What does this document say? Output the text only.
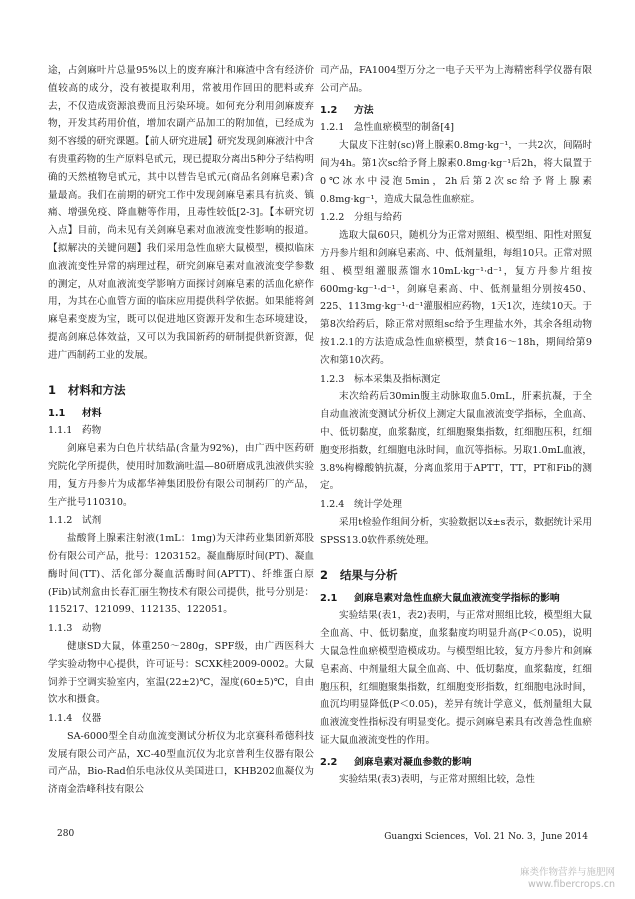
途，占剑麻叶片总量95%以上的废弃麻汁和麻渣中含有经济价值较高的成分，没有被提取利用，常被用作回田的肥料或弃去，不仅造成资源浪费而且污染环境。如何充分利用剑麻废弃物，开发其药用价值，增加农副产品加工的附加值，已经成为刻不容缓的研究课题。【前人研究进展】研究发现剑麻液汁中含有贵重药物的生产原料皂甙元，现已提取分离出5种分子结构明确的天然植物皂甙元，其中以替告皂甙元(商品名剑麻皂素)含量最高。我们在前期的研究工作中发现剑麻皂素具有抗炎、镇痛、增强免疫、降血糖等作用，且毒性较低[2-3]。【本研究切入点】目前，尚未见有关剑麻皂素对血液流变性影响的报道。【拟解决的关键问题】我们采用急性血瘀大鼠模型，模拟临床血液流变性异常的病理过程，研究剑麻皂素对血液流变学参数的测定，从对血液流变学影响方面探讨剑麻皂素的活血化瘀作用，为其在心血管方面的临床应用提供科学依据。如果能将剑麻皂素变废为宝，既可以促进地区资源开发和生态环境建设，提高剑麻总体效益，又可以为我国新药的研制提供新资源，促进广西制药工业的发展。

1 材料和方法
1.1 材料
1.1.1 药物

剑麻皂素为白色片状结晶(含量为92%)，由广西中医药研究院化学所提供，使用时加数滴吐温—80研磨成乳浊液供实验用，复方丹参片为成都华神集团股份有限公司制药厂的产品，生产批号110310。

1.1.2 试剂

盐酸肾上腺素注射液(1mL：1mg)为天津药业集团新郑股份有限公司产品，批号：1203152。凝血酶原时间(PT)、凝血酶时间(TT)、活化部分凝血活酶时间(APTT)、纤维蛋白原(Fib)试剂盒由长春汇丽生物技术有限公司提供，批号分别是：115217、121099、112135、122051。

1.1.3 动物

健康SD大鼠，体重250～280g，SPF级，由广西医科大学实验动物中心提供，许可证号：SCXK桂2009-0002。大鼠饲养于空调实验室内，室温(22±2)℃，湿度(60±5)℃，自由饮水和摄食。

1.1.4 仪器

SA-6000型全自动血流变测试分析仪为北京赛科希德科技发展有限公司产品，XC-40型血沉仪为北京普利生仪器有限公司产品，Bio-Rad伯乐电泳仪从美国进口，KHB202血凝仪为济南金浩峰科技有限公

司产品，FA1004型万分之一电子天平为上海精密科学仪器有限公司产品。

1.2 方法
1.2.1 急性血瘀模型的制备[4]

大鼠皮下注射(sc)肾上腺素0.8mg·kg⁻¹，一共2次，间隔时间为4h。第1次sc给予肾上腺素0.8mg·kg⁻¹后2h，将大鼠置于0℃冰水中浸泡5min，2h后第2次sc给予肾上腺素0.8mg·kg⁻¹，造成大鼠急性血瘀症。

1.2.2 分组与给药

选取大鼠60只，随机分为正常对照组、模型组、阳性对照复方丹参片组和剑麻皂素高、中、低剂量组，每组10只。正常对照组、模型组灌服蒸馏水10mL·kg⁻¹·d⁻¹，复方丹参片组按600mg·kg⁻¹·d⁻¹，剑麻皂素高、中、低剂量组分别按450、225、113mg·kg⁻¹·d⁻¹灌服相应药物，1天1次，连续10天。于第8次给药后，除正常对照组sc给予生理盐水外，其余各组动物按1.2.1的方法造成急性血瘀模型，禁食16～18h，期间给第9次和第10次药。

1.2.3 标本采集及指标测定

末次给药后30min腹主动脉取血5.0mL，肝素抗凝，于全自动血液流变测试分析仪上测定大鼠血液流变学指标，全血高、中、低切黏度，血浆黏度，红细胞聚集指数，红细胞压积，红细胞变形指数，红细胞电泳时间，血沉等指标。另取1.0mL血液，3.8%枸橼酸钠抗凝，分离血浆用于APTT，TT，PT和Fib的测定。

1.2.4 统计学处理

采用t检验作组间分析，实验数据以x̄±s表示，数据统计采用SPSS13.0软件系统处理。

2 结果与分析
2.1 剑麻皂素对急性血瘀大鼠血液流变学指标的影响

实验结果(表1，表2)表明，与正常对照组比较，模型组大鼠全血高、中、低切黏度，血浆黏度均明显升高(P＜0.05)，说明大鼠急性血瘀模型造模成功。与模型组比较，复方丹参片和剑麻皂素高、中剂量组大鼠全血高、中、低切黏度，血浆黏度，红细胞压积，红细胞聚集指数，红细胞变形指数，红细胞电泳时间，血沉均明显降低(P＜0.05)，差异有统计学意义，低剂量组大鼠血液流变性指标没有明显变化。提示剑麻皂素具有改善急性血瘀证大鼠血液流变性的作用。

2.2 剑麻皂素对凝血参数的影响

实验结果(表3)表明，与正常对照组比较，急性

280	Guangxi Sciences，Vol. 21 No. 3，June 2014
麻类作物营养与施肥网
www.fibercrops.cn
